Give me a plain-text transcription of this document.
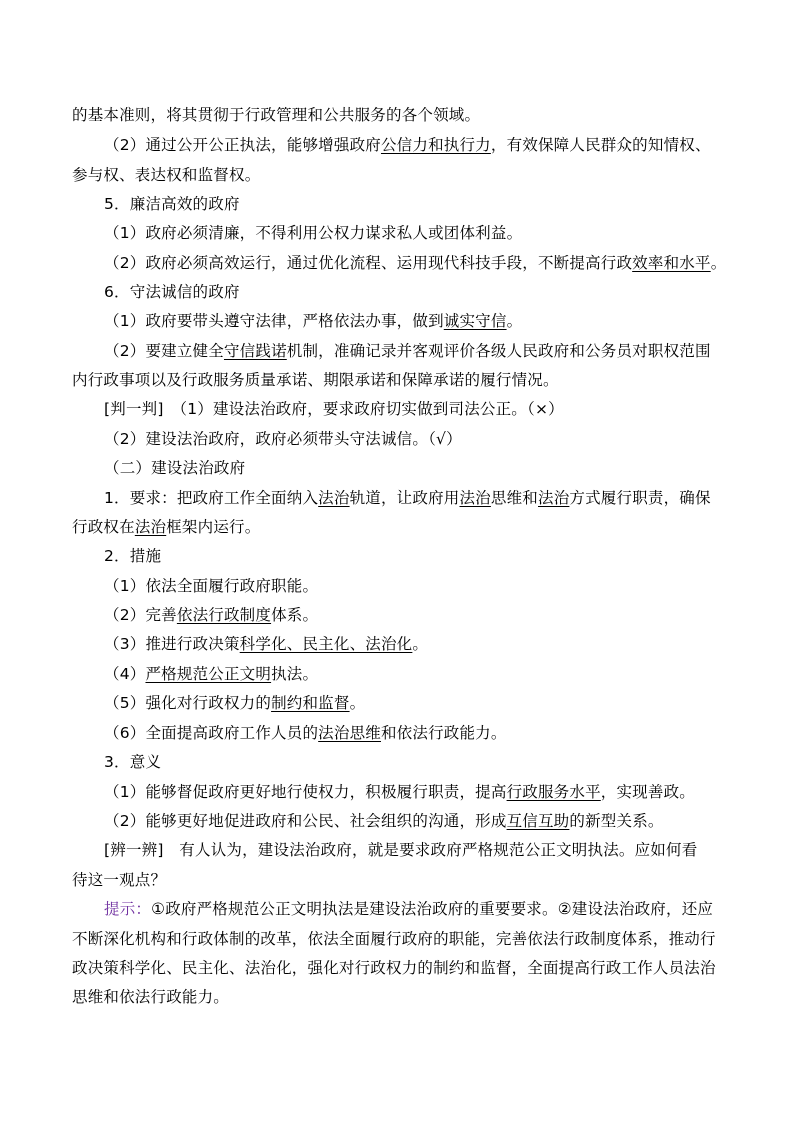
的基本准则，将其贯彻于行政管理和公共服务的各个领域。
（2）通过公开公正执法，能够增强政府公信力和执行力，有效保障人民群众的知情权、
参与权、表达权和监督权。
5．廉洁高效的政府
（1）政府必须清廉，不得利用公权力谋求私人或团体利益。
（2）政府必须高效运行，通过优化流程、运用现代科技手段，不断提高行政效率和水平。
6．守法诚信的政府
（1）政府要带头遵守法律，严格依法办事，做到诚实守信。
（2）要建立健全守信践诺机制，准确记录并客观评价各级人民政府和公务员对职权范围
内行政事项以及行政服务质量承诺、期限承诺和保障承诺的履行情况。
[判一判]　（1）建设法治政府，要求政府切实做到司法公正。（×）
（2）建设法治政府，政府必须带头守法诚信。（√）
（二）建设法治政府
1．要求：把政府工作全面纳入法治轨道，让政府用法治思维和法治方式履行职责，确保
行政权在法治框架内运行。
2．措施
（1）依法全面履行政府职能。
（2）完善依法行政制度体系。
（3）推进行政决策科学化、民主化、法治化。
（4）严格规范公正文明执法。
（5）强化对行政权力的制约和监督。
（6）全面提高政府工作人员的法治思维和依法行政能力。
3．意义
（1）能够督促政府更好地行使权力，积极履行职责，提高行政服务水平，实现善政。
（2）能够更好地促进政府和公民、社会组织的沟通，形成互信互助的新型关系。
[辨一辨]　有人认为，建设法治政府，就是要求政府严格规范公正文明执法。应如何看
待这一观点？
提示：①政府严格规范公正文明执法是建设法治政府的重要要求。②建设法治政府，还应
不断深化机构和行政体制的改革，依法全面履行政府的职能，完善依法行政制度体系，推动行
政决策科学化、民主化、法治化，强化对行政权力的制约和监督，全面提高行政工作人员法治
思维和依法行政能力。
